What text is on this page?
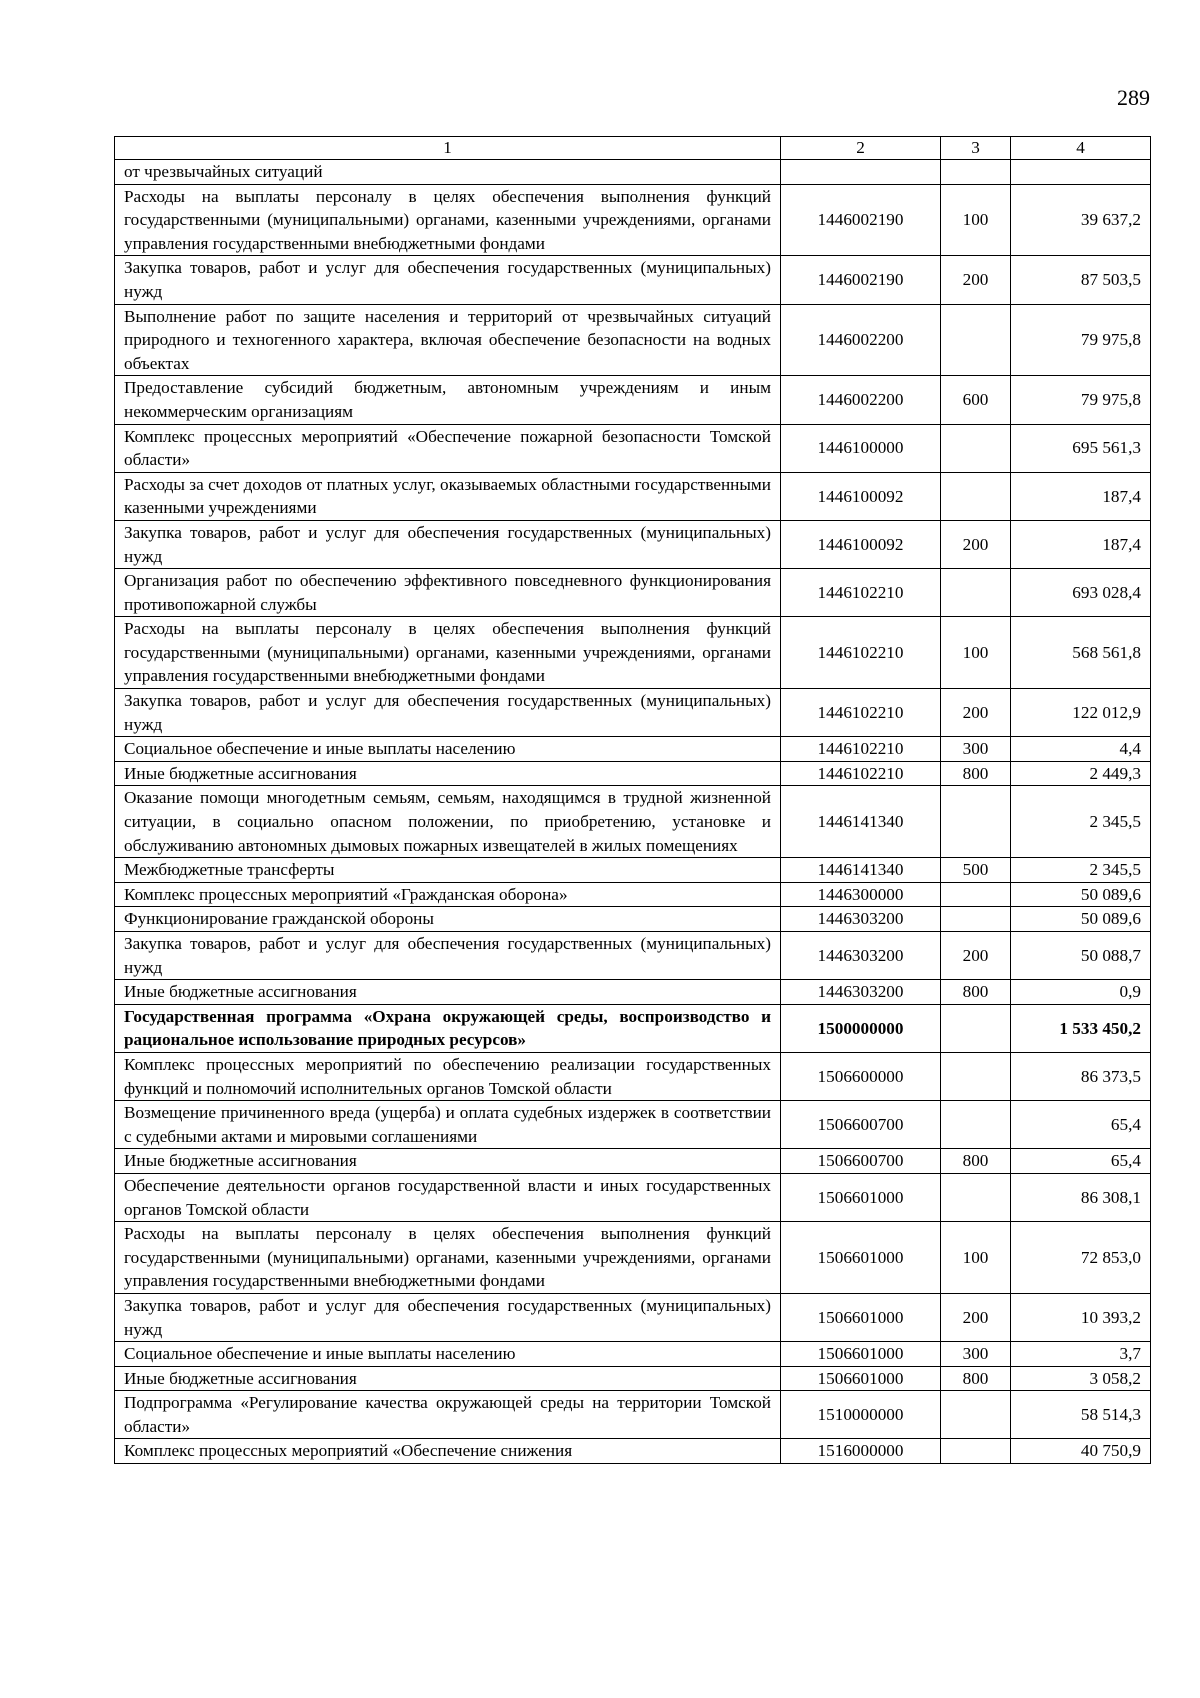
289
1	2	3	4
от чрезвычайных ситуаций			
Расходы на выплаты персоналу в целях обеспечения выполнения функций государственными (муниципальными) органами, казенными учреждениями, органами управления государственными внебюджетными фондами	1446002190	100	39 637,2
Закупка товаров, работ и услуг для обеспечения государственных (муниципальных) нужд	1446002190	200	87 503,5
Выполнение работ по защите населения и территорий от чрезвычайных ситуаций природного и техногенного характера, включая обеспечение безопасности на водных объектах	1446002200		79 975,8
Предоставление субсидий бюджетным, автономным учреждениям и иным некоммерческим организациям	1446002200	600	79 975,8
Комплекс процессных мероприятий «Обеспечение пожарной безопасности Томской области»	1446100000		695 561,3
Расходы за счет доходов от платных услуг, оказываемых областными государственными казенными учреждениями	1446100092		187,4
Закупка товаров, работ и услуг для обеспечения государственных (муниципальных) нужд	1446100092	200	187,4
Организация работ по обеспечению эффективного повседневного функционирования противопожарной службы	1446102210		693 028,4
Расходы на выплаты персоналу в целях обеспечения выполнения функций государственными (муниципальными) органами, казенными учреждениями, органами управления государственными внебюджетными фондами	1446102210	100	568 561,8
Закупка товаров, работ и услуг для обеспечения государственных (муниципальных) нужд	1446102210	200	122 012,9
Социальное обеспечение и иные выплаты населению	1446102210	300	4,4
Иные бюджетные ассигнования	1446102210	800	2 449,3
Оказание помощи многодетным семьям, семьям, находящимся в трудной жизненной ситуации, в социально опасном положении, по приобретению, установке и обслуживанию автономных дымовых пожарных извещателей в жилых помещениях	1446141340		2 345,5
Межбюджетные трансферты	1446141340	500	2 345,5
Комплекс процессных мероприятий «Гражданская оборона»	1446300000		50 089,6
Функционирование гражданской обороны	1446303200		50 089,6
Закупка товаров, работ и услуг для обеспечения государственных (муниципальных) нужд	1446303200	200	50 088,7
Иные бюджетные ассигнования	1446303200	800	0,9
Государственная программа «Охрана окружающей среды, воспроизводство и рациональное использование природных ресурсов»	1500000000		1 533 450,2
Комплекс процессных мероприятий по обеспечению реализации государственных функций и полномочий исполнительных органов Томской области	1506600000		86 373,5
Возмещение причиненного вреда (ущерба) и оплата судебных издержек в соответствии с судебными актами и мировыми соглашениями	1506600700		65,4
Иные бюджетные ассигнования	1506600700	800	65,4
Обеспечение деятельности органов государственной власти и иных государственных органов Томской области	1506601000		86 308,1
Расходы на выплаты персоналу в целях обеспечения выполнения функций государственными (муниципальными) органами, казенными учреждениями, органами управления государственными внебюджетными фондами	1506601000	100	72 853,0
Закупка товаров, работ и услуг для обеспечения государственных (муниципальных) нужд	1506601000	200	10 393,2
Социальное обеспечение и иные выплаты населению	1506601000	300	3,7
Иные бюджетные ассигнования	1506601000	800	3 058,2
Подпрограмма «Регулирование качества окружающей среды на территории Томской области»	1510000000		58 514,3
Комплекс процессных мероприятий «Обеспечение снижения	1516000000		40 750,9
